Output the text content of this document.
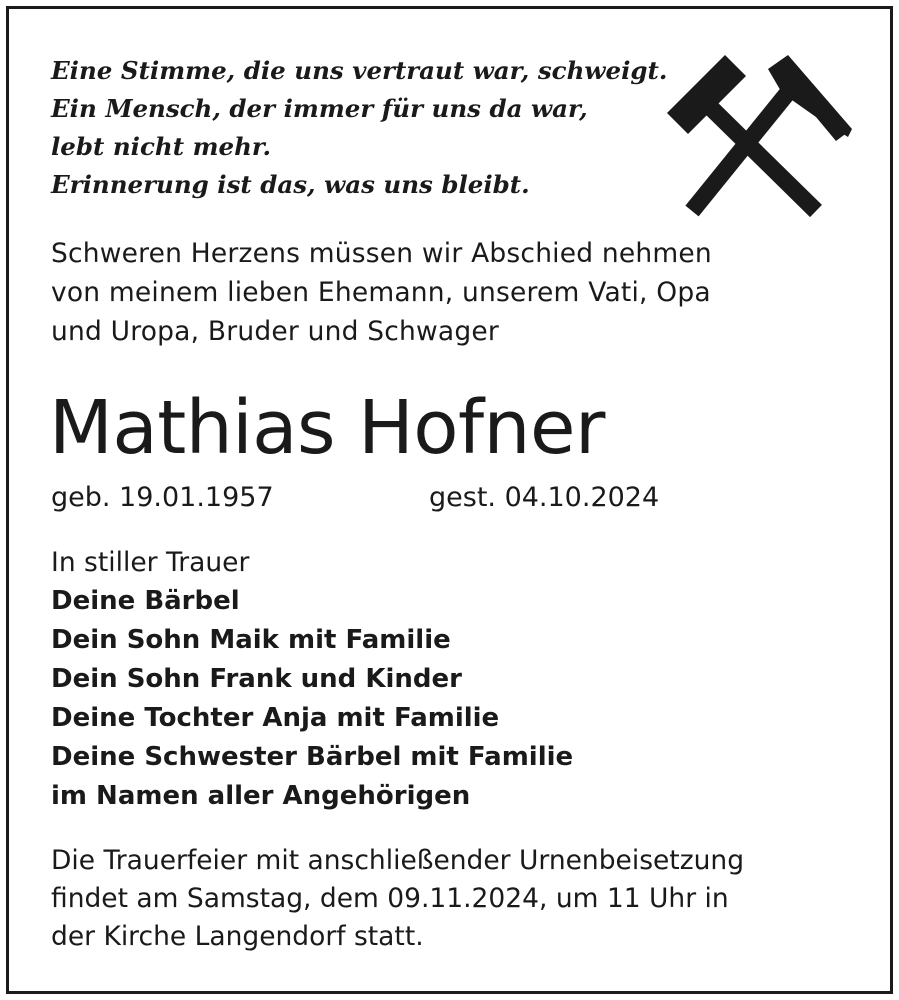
Eine Stimme, die uns vertraut war, schweigt.
Ein Mensch, der immer für uns da war,
lebt nicht mehr.
Erinnerung ist das, was uns bleibt.
Schweren Herzens müssen wir Abschied nehmen
von meinem lieben Ehemann, unserem Vati, Opa
und Uropa, Bruder und Schwager
Mathias Hofner
geb. 19.01.1957	gest. 04.10.2024
In stiller Trauer
Deine Bärbel
Dein Sohn Maik mit Familie
Dein Sohn Frank und Kinder
Deine Tochter Anja mit Familie
Deine Schwester Bärbel mit Familie
im Namen aller Angehörigen
Die Trauerfeier mit anschließender Urnenbeisetzung
findet am Samstag, dem 09.11.2024, um 11 Uhr in
der Kirche Langendorf statt.
